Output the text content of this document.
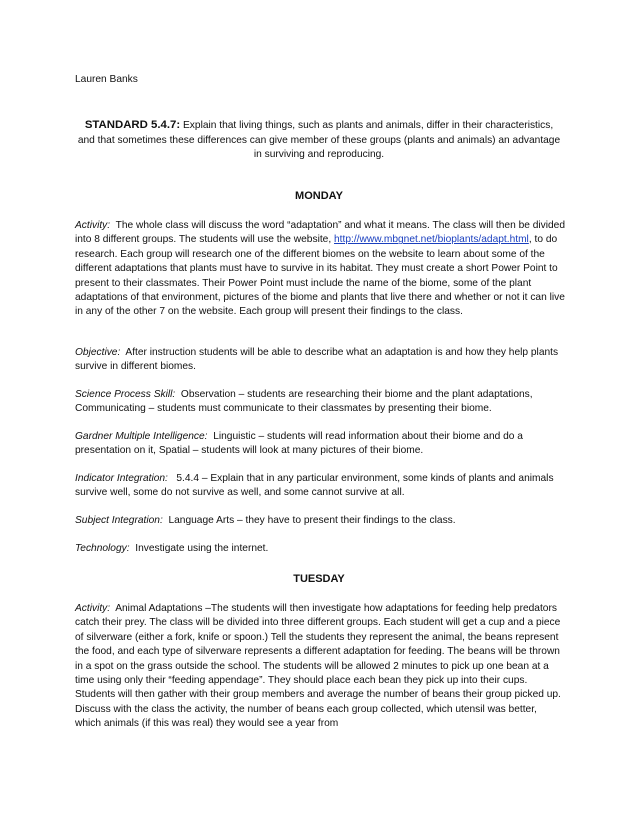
Lauren Banks
STANDARD 5.4.7: Explain that living things, such as plants and animals, differ in their characteristics, and that sometimes these differences can give member of these groups (plants and animals) an advantage in surviving and reproducing.
MONDAY
Activity: The whole class will discuss the word “adaptation” and what it means. The class will then be divided into 8 different groups. The students will use the website, http://www.mbgnet.net/bioplants/adapt.html, to do research. Each group will research one of the different biomes on the website to learn about some of the different adaptations that plants must have to survive in its habitat. They must create a short Power Point to present to their classmates. Their Power Point must include the name of the biome, some of the plant adaptations of that environment, pictures of the biome and plants that live there and whether or not it can live in any of the other 7 on the website. Each group will present their findings to the class.
Objective: After instruction students will be able to describe what an adaptation is and how they help plants survive in different biomes.
Science Process Skill: Observation – students are researching their biome and the plant adaptations, Communicating – students must communicate to their classmates by presenting their biome.
Gardner Multiple Intelligence: Linguistic – students will read information about their biome and do a presentation on it, Spatial – students will look at many pictures of their biome.
Indicator Integration: 5.4.4 – Explain that in any particular environment, some kinds of plants and animals survive well, some do not survive as well, and some cannot survive at all.
Subject Integration: Language Arts – they have to present their findings to the class.
Technology: Investigate using the internet.
TUESDAY
Activity: Animal Adaptations –The students will then investigate how adaptations for feeding help predators catch their prey. The class will be divided into three different groups. Each student will get a cup and a piece of silverware (either a fork, knife or spoon.) Tell the students they represent the animal, the beans represent the food, and each type of silverware represents a different adaptation for feeding. The beans will be thrown in a spot on the grass outside the school. The students will be allowed 2 minutes to pick up one bean at a time using only their “feeding appendage”. They should place each bean they pick up into their cups. Students will then gather with their group members and average the number of beans their group picked up. Discuss with the class the activity, the number of beans each group collected, which utensil was better, which animals (if this was real) they would see a year from
